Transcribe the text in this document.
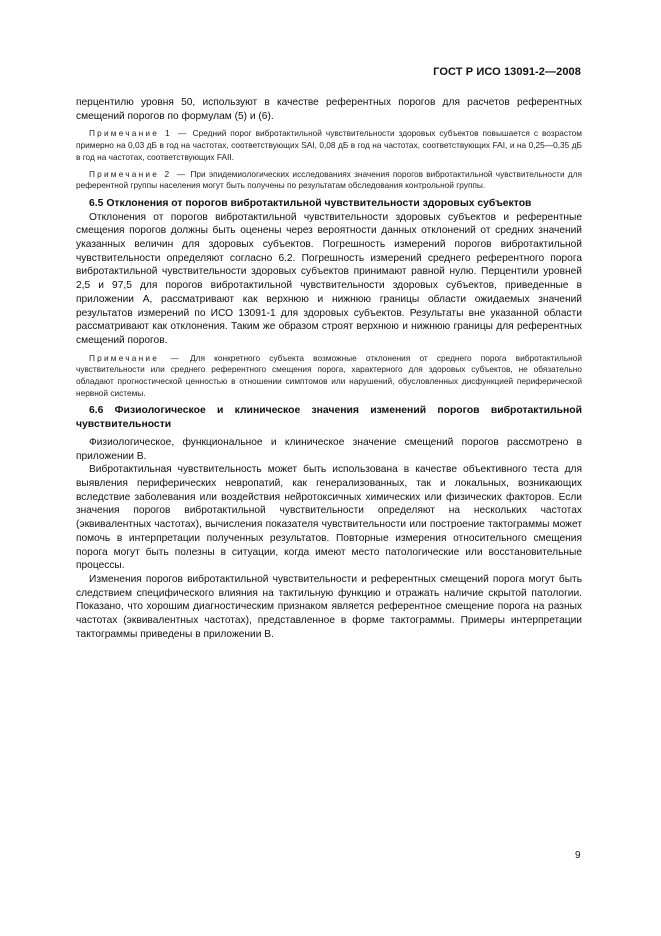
ГОСТ Р ИСО 13091-2—2008

перцентилю уровня 50, используют в качестве референтных порогов для расчетов референтных смещений порогов по формулам (5) и (6).

Примечание 1 — Средний порог вибротактильной чувствительности здоровых субъектов повышается с возрастом примерно на 0,03 дБ в год на частотах, соответствующих SAI, 0,08 дБ в год на частотах, соответствующих FAI, и на 0,25—0,35 дБ в год на частотах, соответствующих FAII.

Примечание 2 — При эпидемиологических исследованиях значения порогов вибротактильной чувствительности для референтной группы населения могут быть получены по результатам обследования контрольной группы.

6.5 Отклонения от порогов вибротактильной чувствительности здоровых субъектов

Отклонения от порогов вибротактильной чувствительности здоровых субъектов и референтные смещения порогов должны быть оценены через вероятности данных отклонений от средних значений указанных величин для здоровых субъектов. Погрешность измерений порогов вибротактильной чувствительности определяют согласно 6.2. Погрешность измерений среднего референтного порога вибротактильной чувствительности здоровых субъектов принимают равной нулю. Перцентили уровней 2,5 и 97,5 для порогов вибротактильной чувствительности здоровых субъектов, приведенные в приложении А, рассматривают как верхнюю и нижнюю границы области ожидаемых значений результатов измерений по ИСО 13091-1 для здоровых субъектов. Результаты вне указанной области рассматривают как отклонения. Таким же образом строят верхнюю и нижнюю границы для референтных смещений порогов.

Примечание — Для конкретного субъекта возможные отклонения от среднего порога вибротактильной чувствительности или среднего референтного смещения порога, характерного для здоровых субъектов, не обязательно обладают прогностической ценностью в отношении симптомов или нарушений, обусловленных дисфункцией периферической нервной системы.

6.6 Физиологическое и клиническое значения изменений порогов вибротактильной чувствительности

Физиологическое, функциональное и клиническое значение смещений порогов рассмотрено в приложении В.

Вибротактильная чувствительность может быть использована в качестве объективного теста для выявления периферических невропатий, как генерализованных, так и локальных, возникающих вследствие заболевания или воздействия нейротоксичных химических или физических факторов. Если значения порогов вибротактильной чувствительности определяют на нескольких частотах (эквивалентных частотах), вычисления показателя чувствительности или построение тактограммы может помочь в интерпретации полученных результатов. Повторные измерения относительного смещения порога могут быть полезны в ситуации, когда имеют место патологические или восстановительные процессы.

Изменения порогов вибротактильной чувствительности и референтных смещений порога могут быть следствием специфического влияния на тактильную функцию и отражать наличие скрытой патологии. Показано, что хорошим диагностическим признаком является референтное смещение порога на разных частотах (эквивалентных частотах), представленное в форме тактограммы. Примеры интерпретации тактограммы приведены в приложении В.

9
